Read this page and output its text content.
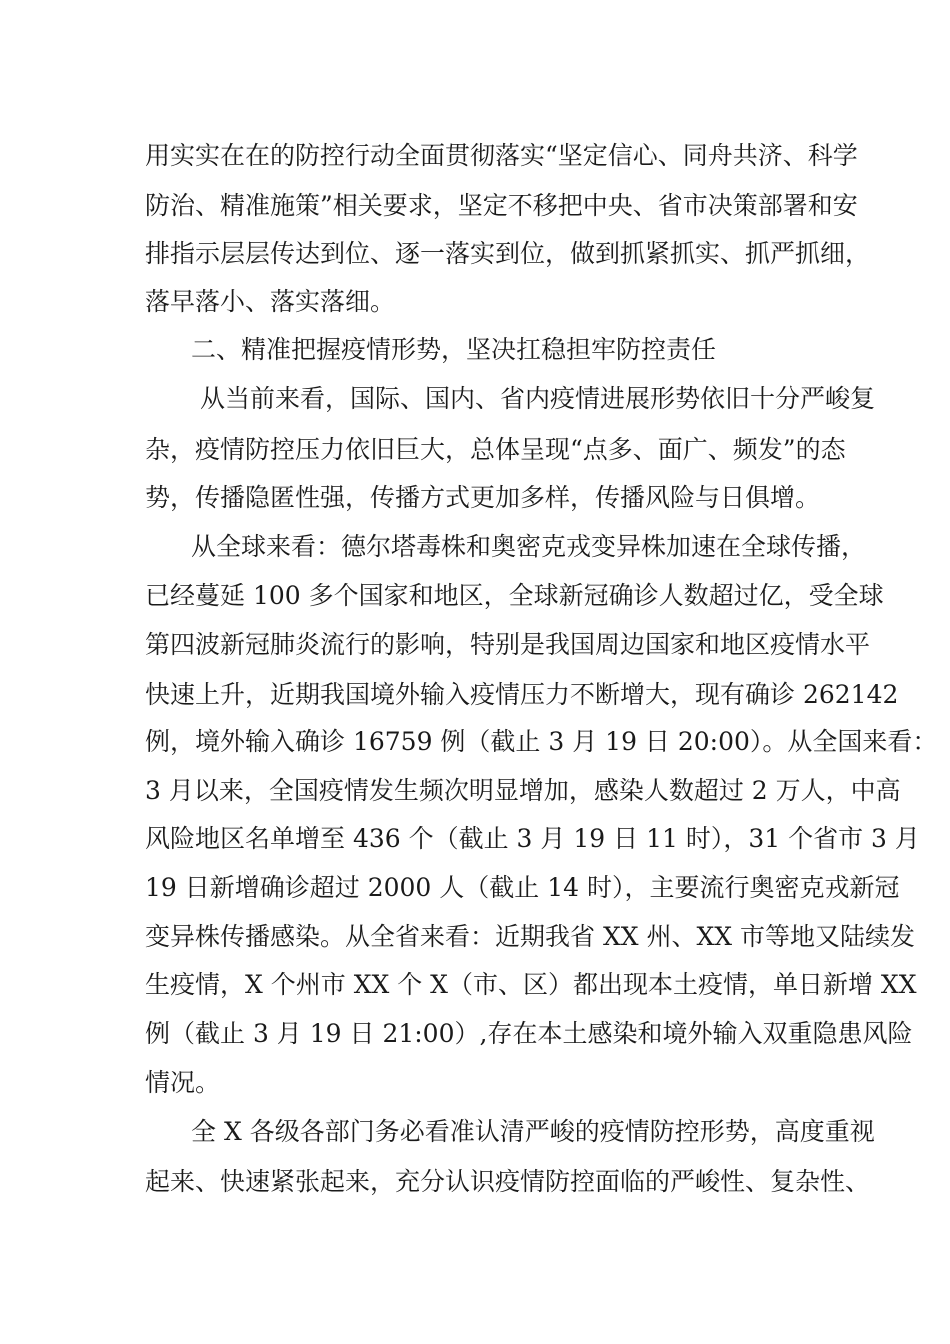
用实实在在的防控行动全面贯彻落实“坚定信心、同舟共济、科学
防治、精准施策”相关要求，坚定不移把中央、省市决策部署和安
排指示层层传达到位、逐一落实到位，做到抓紧抓实、抓严抓细，
落早落小、落实落细。
二、精准把握疫情形势，坚决扛稳担牢防控责任
从当前来看，国际、国内、省内疫情进展形势依旧十分严峻复
杂，疫情防控压力依旧巨大，总体呈现“点多、面广、频发”的态
势，传播隐匿性强，传播方式更加多样，传播风险与日俱增。
从全球来看：德尔塔毒株和奥密克戎变异株加速在全球传播，
已经蔓延 100 多个国家和地区，全球新冠确诊人数超过亿，受全球
第四波新冠肺炎流行的影响，特别是我国周边国家和地区疫情水平
快速上升，近期我国境外输入疫情压力不断增大，现有确诊 262142
例，境外输入确诊 16759 例（截止 3 月 19 日 20:00）。从全国来看：
3 月以来，全国疫情发生频次明显增加，感染人数超过 2 万人，中高
风险地区名单增至 436 个（截止 3 月 19 日 11 时），31 个省市 3 月
19 日新增确诊超过 2000 人（截止 14 时），主要流行奥密克戎新冠
变异株传播感染。从全省来看：近期我省 XX 州、XX 市等地又陆续发
生疫情，X 个州市 XX 个 X（市、区）都出现本土疫情，单日新增 XX
例（截止 3 月 19 日 21:00）,存在本土感染和境外输入双重隐患风险
情况。
全 X 各级各部门务必看准认清严峻的疫情防控形势，高度重视
起来、快速紧张起来，充分认识疫情防控面临的严峻性、复杂性、
